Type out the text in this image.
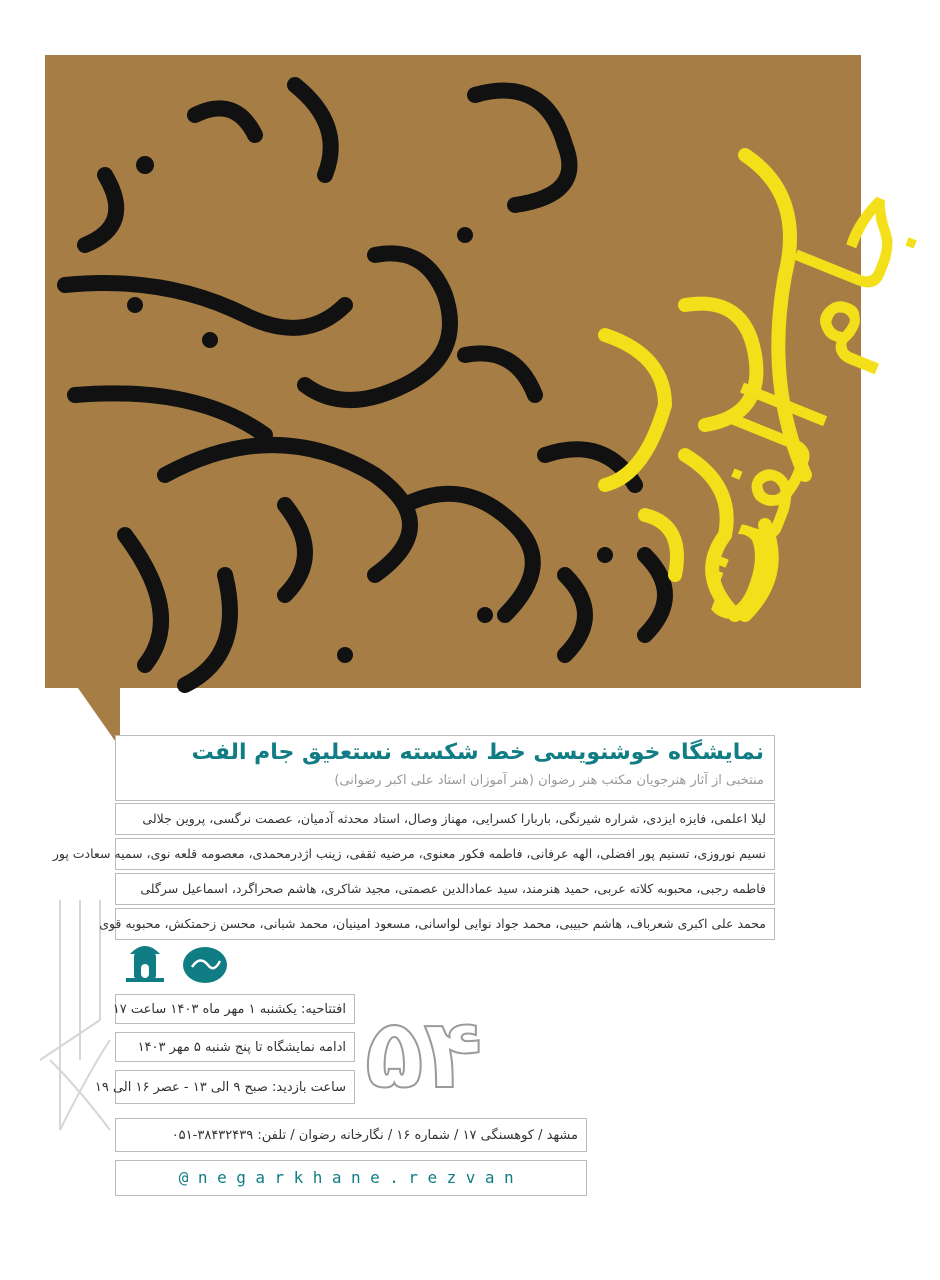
جام الفت
نمایشگاه خوشنویسی خط شکسته نستعلیق جام الفت
منتخبی از آثار هنرجویان مکتب هنر رضوان (هنر آموزان استاد علی اکبر رضوانی)
لیلا اعلمی، فایزه ایزدی، شراره شیرنگی، باربارا کسرایی، مهناز وصال، استاد محدثه آدمیان، عصمت نرگسی، پروین جلالی
نسیم نوروزی، تسنیم پور افضلی، الهه عرفانی، فاطمه فکور معنوی، مرضیه ثقفی، زینب اژدرمحمدی، معصومه قلعه نوی، سمیه سعادت پور
فاطمه رجبی، محبوبه کلاته عربی، حمید هنرمند، سید عمادالدین عصمتی، مجید شاکری، هاشم صحراگرد، اسماعیل سرگلی
محمد علی اکبری شعرباف، هاشم حبیبی، محمد جواد نوایی لواسانی، مسعود امینیان، محمد شبانی، محسن زحمتکش، محبوبه قوی
افتتاحیه: یکشنبه ۱ مهر ماه ۱۴۰۳ ساعت ۱۷
ادامه نمایشگاه تا پنج شنبه ۵ مهر ۱۴۰۳
ساعت بازدید: صبح ۹ الی ۱۳ - عصر ۱۶ الی ۱۹ ۵۴
مشهد / کوهسنگی ۱۷ / شماره ۱۶ / نگارخانه رضوان / تلفن: ۳۸۴۳۲۴۳۹-۰۵۱
@negarkhane.rezvan
